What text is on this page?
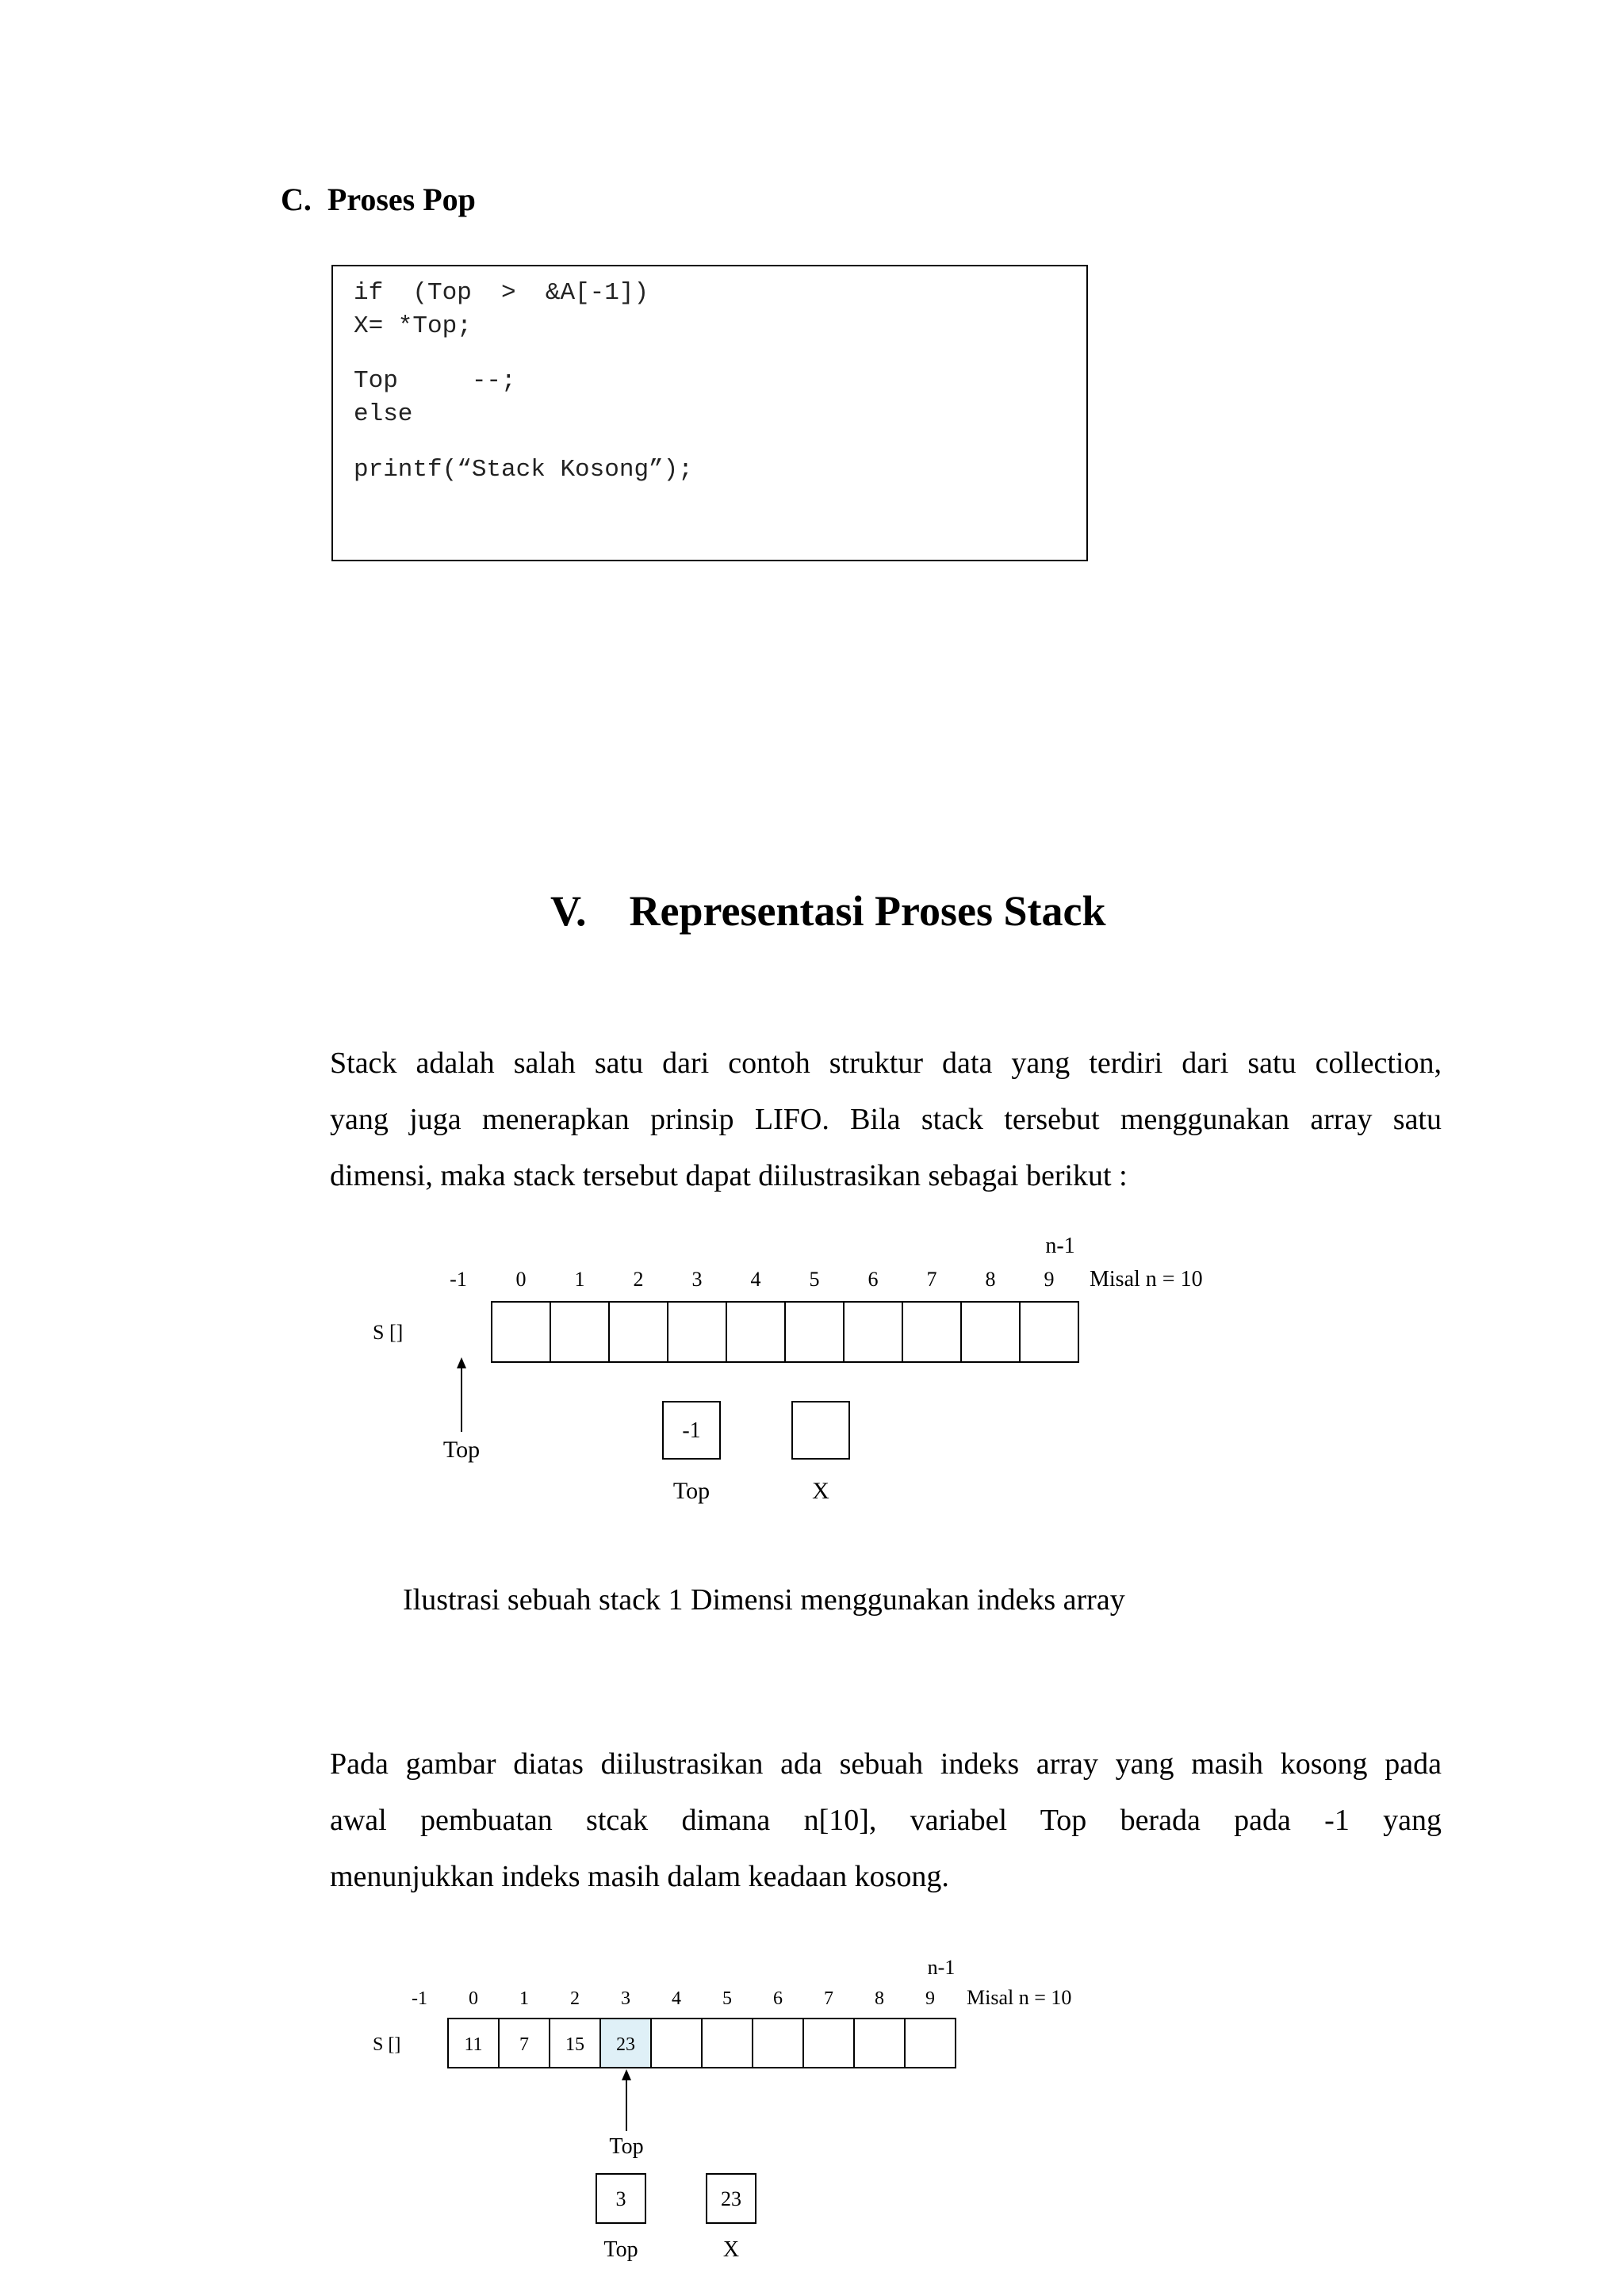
C. Proses Pop
if  (Top  >  &A[-1])
X= *Top;
Top     --;
else
printf(“Stack Kosong”);
V. Representasi Proses Stack
Stack adalah salah satu dari contoh struktur data yang terdiri dari satu collection,
yang juga menerapkan prinsip LIFO. Bila stack tersebut menggunakan array satu
dimensi, maka stack tersebut dapat diilustrasikan sebagai berikut :
-1 0 1 2 3 4 5 6 7 8 9
n-1
Misal n = 10
S []
Top
-1
Top	X
-1 0 1 2 3 4 5 6 7 8 9
n-1
Misal n = 10
S []	11 7 15 23
Top
3
Top
23
X
Ilustrasi sebuah stack 1 Dimensi menggunakan indeks array
Pada gambar diatas diilustrasikan ada sebuah indeks array yang masih kosong pada
awal pembuatan stcak dimana n[10], variabel Top berada pada -1 yang
menunjukkan indeks masih dalam keadaan kosong.
